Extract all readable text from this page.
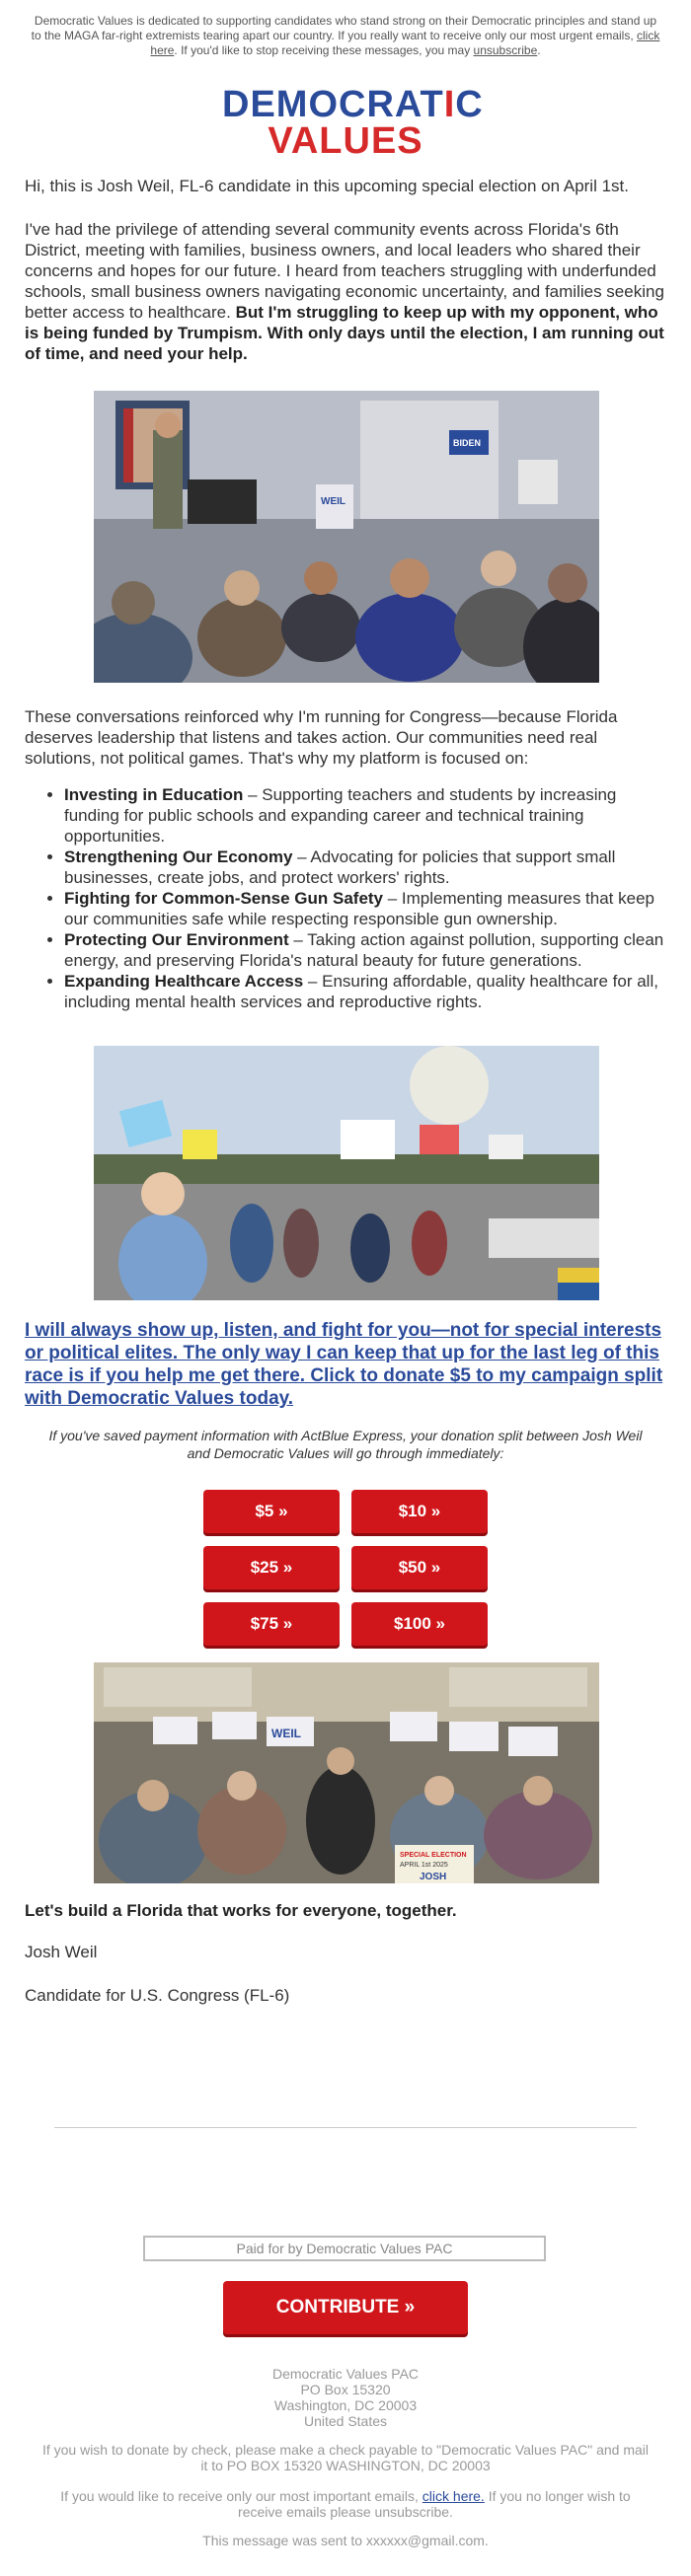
Democratic Values is dedicated to supporting candidates who stand strong on their Democratic principles and stand up to the MAGA far-right extremists tearing apart our country. If you really want to receive only our most urgent emails, click here. If you'd like to stop receiving these messages, you may unsubscribe.
DEMOCRATIC
VALUES
Hi, this is Josh Weil, FL-6 candidate in this upcoming special election on April 1st.
I've had the privilege of attending several community events across Florida's 6th District, meeting with families, business owners, and local leaders who shared their concerns and hopes for our future. I heard from teachers struggling with underfunded schools, small business owners navigating economic uncertainty, and families seeking better access to healthcare. But I'm struggling to keep up with my opponent, who is being funded by Trumpism. With only days until the election, I am running out of time, and need your help.
WEIL
BIDEN
These conversations reinforced why I'm running for Congress—because Florida deserves leadership that listens and takes action. Our communities need real solutions, not political games. That's why my platform is focused on:
• Investing in Education – Supporting teachers and students by increasing funding for public schools and expanding career and technical training opportunities.
• Strengthening Our Economy – Advocating for policies that support small businesses, create jobs, and protect workers' rights.
• Fighting for Common-Sense Gun Safety – Implementing measures that keep our communities safe while respecting responsible gun ownership.
• Protecting Our Environment – Taking action against pollution, supporting clean energy, and preserving Florida's natural beauty for future generations.
• Expanding Healthcare Access – Ensuring affordable, quality healthcare for all, including mental health services and reproductive rights.
I will always show up, listen, and fight for you—not for special interests or political elites. The only way I can keep that up for the last leg of this race is if you help me get there. Click to donate $5 to my campaign split with Democratic Values today.
If you've saved payment information with ActBlue Express, your donation split between Josh Weil and Democratic Values will go through immediately:
$5 »	$10 »
$25 »	$50 »
$75 »	$100 »
WEIL
SPECIAL ELECTION
APRIL 1st 2025
JOSH
Let's build a Florida that works for everyone, together.
Josh Weil
Candidate for U.S. Congress (FL-6)
Paid for by Democratic Values PAC
CONTRIBUTE »
Democratic Values PAC
PO Box 15320
Washington, DC 20003
United States
If you wish to donate by check, please make a check payable to "Democratic Values PAC" and mail it to PO BOX 15320 WASHINGTON, DC 20003
If you would like to receive only our most important emails, click here. If you no longer wish to receive emails please unsubscribe.
This message was sent to xxxxxx@gmail.com.
